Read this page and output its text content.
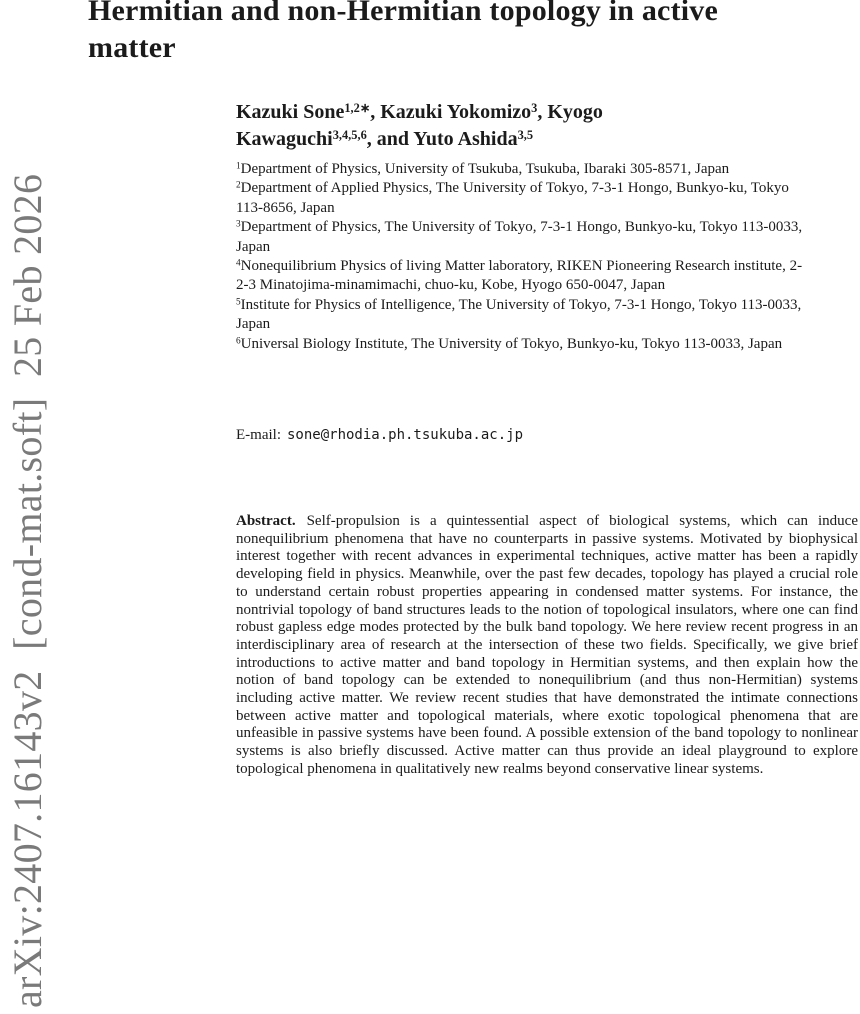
arXiv:2407.16143v2  [cond-mat.soft]  25 Feb 2026
Hermitian and non-Hermitian topology in active
matter
Kazuki Sone$^{1,2∗}$, Kazuki Yokomizo$^3$, Kyogo Kawaguchi$^{3,4,5,6}$, and Yuto Ashida$^{3,5}$
$^1$Department of Physics, University of Tsukuba, Tsukuba, Ibaraki 305-8571, Japan
$^2$Department of Applied Physics, The University of Tokyo, 7-3-1 Hongo, Bunkyo-ku, Tokyo 113-8656, Japan
$^3$Department of Physics, The University of Tokyo, 7-3-1 Hongo, Bunkyo-ku, Tokyo 113-0033, Japan
$^4$Nonequilibrium Physics of living Matter laboratory, RIKEN Pioneering Research institute, 2-2-3 Minatojima-minamimachi, chuo-ku, Kobe, Hyogo 650-0047, Japan
$^5$Institute for Physics of Intelligence, The University of Tokyo, 7-3-1 Hongo, Tokyo 113-0033, Japan
$^6$Universal Biology Institute, The University of Tokyo, Bunkyo-ku, Tokyo 113-0033, Japan
E-mail: sone@rhodia.ph.tsukuba.ac.jp

Abstract. Self-propulsion is a quintessential aspect of biological systems, which can induce nonequilibrium phenomena that have no counterparts in passive systems. Motivated by biophysical interest together with recent advances in experimental techniques, active matter has been a rapidly developing field in physics. Meanwhile, over the past few decades, topology has played a crucial role to understand certain robust properties appearing in condensed matter systems. For instance, the nontrivial topology of band structures leads to the notion of topological insulators, where one can find robust gapless edge modes protected by the bulk band topology. We here review recent progress in an interdisciplinary area of research at the intersection of these two fields. Specifically, we give brief introductions to active matter and band topology in Hermitian systems, and then explain how the notion of band topology can be extended to nonequilibrium (and thus non-Hermitian) systems including active matter. We review recent studies that have demonstrated the intimate connections between active matter and topological materials, where exotic topological phenomena that are unfeasible in passive systems have been found. A possible extension of the band topology to nonlinear systems is also briefly discussed. Active matter can thus provide an ideal playground to explore topological phenomena in qualitatively new realms beyond conservative linear systems.
